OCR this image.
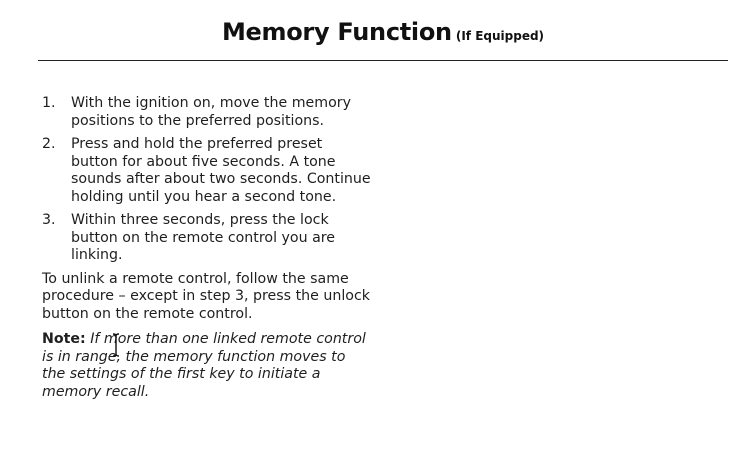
Memory Function (If Equipped)
1.	With the ignition on, move the memory positions to the preferred positions.
2.	Press and hold the preferred preset button for about five seconds. A tone sounds after about two seconds. Continue holding until you hear a second tone.
3.	Within three seconds, press the lock button on the remote control you are linking.

To unlink a remote control, follow the same procedure – except in step 3, press the unlock button on the remote control.

Note: If more than one linked remote control is in range, the memory function moves to the settings of the first key to initiate a memory recall.
